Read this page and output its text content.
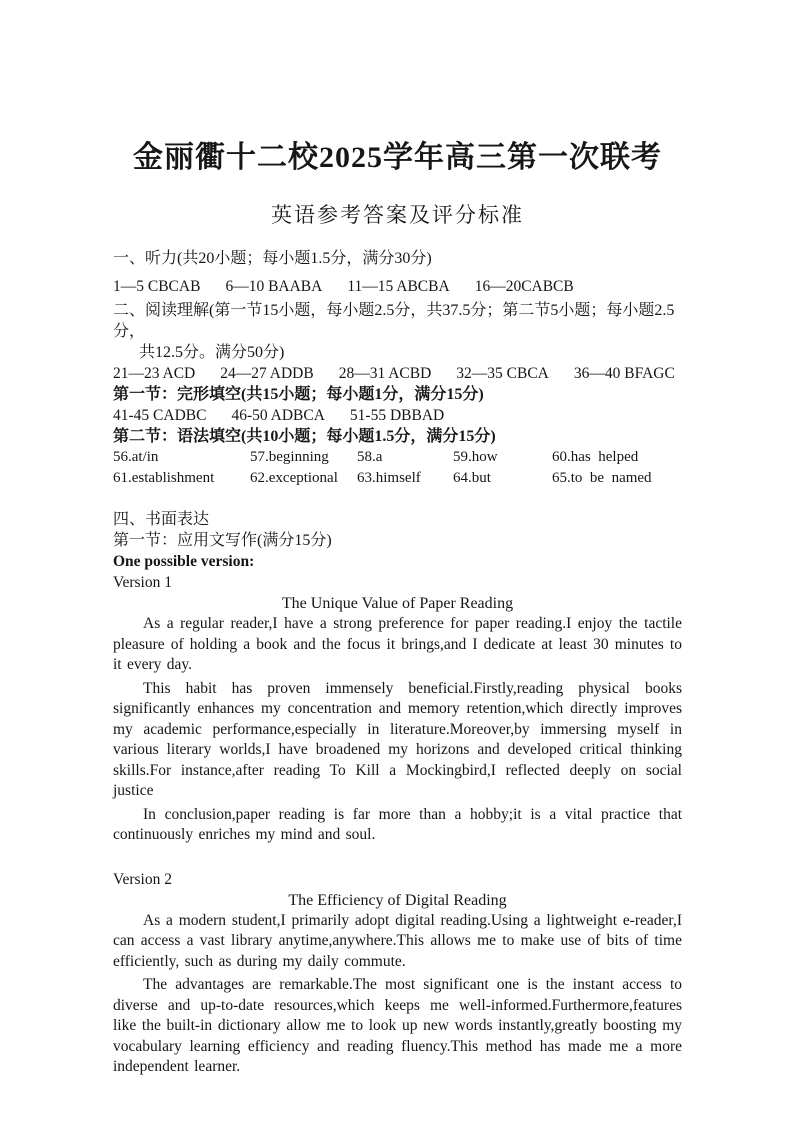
金丽衢十二校2025学年高三第一次联考
英语参考答案及评分标准
一、听力(共20小题；每小题1.5分，满分30分)
1—5 CBCAB 6—10 BAABA 11—15 ABCBA 16—20CABCB
二、阅读理解(第一节15小题，每小题2.5分，共37.5分；第二节5小题；每小题2.5分，
共12.5分。满分50分)
21—23 ACD 24—27 ADDB 28—31 ACBD 32—35 CBCA 36—40 BFAGC
第一节：完形填空(共15小题；每小题1分，满分15分)
41-45 CADBC 46-50 ADBCA 51-55 DBBAD
第二节：语法填空(共10小题；每小题1.5分，满分15分)
56.at/in	57.beginning	58.a	59.how	60.has  helped
61.establishment	62.exceptional	63.himself	64.but	65.to  be  named
四、书面表达
第一节：应用文写作(满分15分)
One possible version:
Version 1
The Unique Value of Paper Reading

As a regular reader,I have a strong preference for paper reading.I enjoy the tactile pleasure of holding a book and the focus it brings,and I dedicate at least 30 minutes to it every day.

This habit has proven immensely beneficial.Firstly,reading physical books significantly enhances my concentration and memory retention,which directly improves my academic performance,especially in literature.Moreover,by immersing myself in various literary worlds,I have broadened my horizons and developed critical thinking skills.For instance,after reading To Kill a Mockingbird,I reflected deeply on social justice

In conclusion,paper reading is far more than a hobby;it is a vital practice that continuously enriches my mind and soul.

Version 2
The Efficiency of Digital Reading

As a modern student,I primarily adopt digital reading.Using a lightweight e-reader,I can access a vast library anytime,anywhere.This allows me to make use of bits of time efficiently, such as during my daily commute.

The advantages are remarkable.The most significant one is the instant access to diverse and up-to-date resources,which keeps me well-informed.Furthermore,features like the built-in dictionary allow me to look up new words instantly,greatly boosting my vocabulary learning efficiency and reading fluency.This method has made me a more independent learner.
